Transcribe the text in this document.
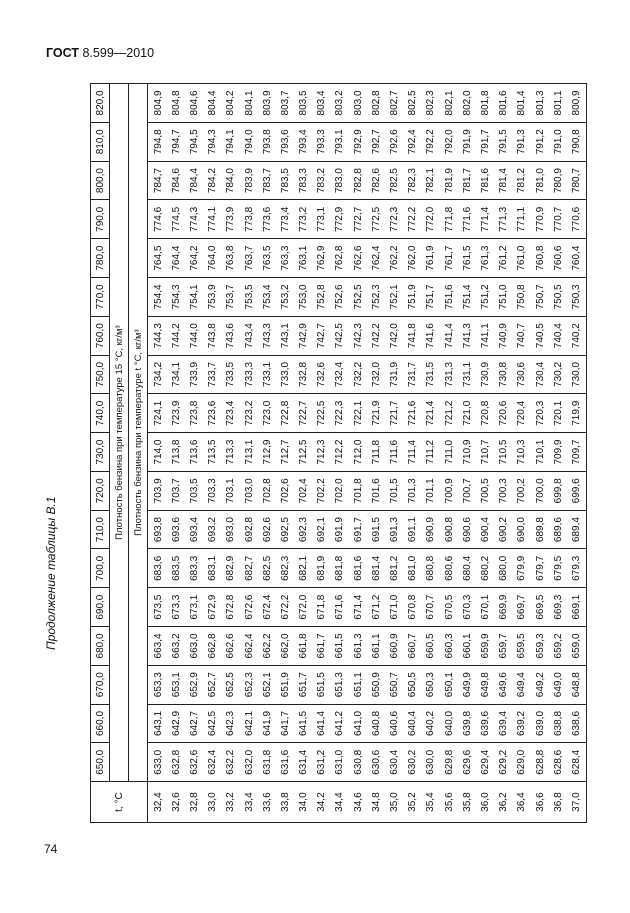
ГОСТ 8.599—2010
Продолжение таблицы В.1
t, °C	650,0	660,0	670,0	680,0	690,0	700,0	710,0	720,0	730,0	740,0	750,0	760,0	770,0	780,0	790,0	800,0	810,0	820,0
	Плотность бензина при температуре 15 °С, кг/м³																	
	Плотность бензина при температуре t °С, кг/м³																	
32,4	633,0	643,1	653,3	663,4	673,5	683,6	693,8	703,9	714,0	724,1	734,2	744,3	754,4	764,5	774,6	784,7	794,8	804,9
32,6	632,8	642,9	653,1	663,2	673,3	683,5	693,6	703,7	713,8	723,9	734,1	744,2	754,3	764,4	774,5	784,6	794,7	804,8
32,8	632,6	642,7	652,9	663,0	673,1	683,3	693,4	703,5	713,6	723,8	733,9	744,0	754,1	764,2	774,3	784,4	794,5	804,6
33,0	632,4	642,5	652,7	662,8	672,9	683,1	693,2	703,3	713,5	723,6	733,7	743,8	753,9	764,0	774,1	784,2	794,3	804,4
33,2	632,2	642,3	652,5	662,6	672,8	682,9	693,0	703,1	713,3	723,4	733,5	743,6	753,7	763,8	773,9	784,0	794,1	804,2
33,4	632,0	642,1	652,3	662,4	672,6	682,7	692,8	703,0	713,1	723,2	733,3	743,4	753,5	763,7	773,8	783,9	794,0	804,1
33,6	631,8	641,9	652,1	662,2	672,4	682,5	692,6	702,8	712,9	723,0	733,1	743,3	753,4	763,5	773,6	783,7	793,8	803,9
33,8	631,6	641,7	651,9	662,0	672,2	682,3	692,5	702,6	712,7	722,8	733,0	743,1	753,2	763,3	773,4	783,5	793,6	803,7
34,0	631,4	641,5	651,7	661,8	672,0	682,1	692,3	702,4	712,5	722,7	732,8	742,9	753,0	763,1	773,2	783,3	793,4	803,5
34,2	631,2	641,4	651,5	661,7	671,8	681,9	692,1	702,2	712,3	722,5	732,6	742,7	752,8	762,9	773,1	783,2	793,3	803,4
34,4	631,0	641,2	651,3	661,5	671,6	681,8	691,9	702,0	712,2	722,3	732,4	742,5	752,6	762,8	772,9	783,0	793,1	803,2
34,6	630,8	641,0	651,1	661,3	671,4	681,6	691,7	701,8	712,0	722,1	732,2	742,3	752,5	762,6	772,7	782,8	792,9	803,0
34,8	630,6	640,8	650,9	661,1	671,2	681,4	691,5	701,6	711,8	721,9	732,0	742,2	752,3	762,4	772,5	782,6	792,7	802,8
35,0	630,4	640,6	650,7	660,9	671,0	681,2	691,3	701,5	711,6	721,7	731,9	742,0	752,1	762,2	772,3	782,5	792,6	802,7
35,2	630,2	640,4	650,5	660,7	670,8	681,0	691,1	701,3	711,4	721,6	731,7	741,8	751,9	762,0	772,2	782,3	792,4	802,5
35,4	630,0	640,2	650,3	660,5	670,7	680,8	690,9	701,1	711,2	721,4	731,5	741,6	751,7	761,9	772,0	782,1	792,2	802,3
35,6	629,8	640,0	650,1	660,3	670,5	680,6	690,8	700,9	711,0	721,2	731,3	741,4	751,6	761,7	771,8	781,9	792,0	802,1
35,8	629,6	639,8	649,9	660,1	670,3	680,4	690,6	700,7	710,9	721,0	731,1	741,3	751,4	761,5	771,6	781,7	791,9	802,0
36,0	629,4	639,6	649,8	659,9	670,1	680,2	690,4	700,5	710,7	720,8	730,9	741,1	751,2	761,3	771,4	781,6	791,7	801,8
36,2	629,2	639,4	649,6	659,7	669,9	680,0	690,2	700,3	710,5	720,6	730,8	740,9	751,0	761,2	771,3	781,4	791,5	801,6
36,4	629,0	639,2	649,4	659,5	669,7	679,9	690,0	700,2	710,3	720,4	730,6	740,7	750,8	761,0	771,1	781,2	791,3	801,4
36,6	628,8	639,0	649,2	659,3	669,5	679,7	689,8	700,0	710,1	720,3	730,4	740,5	750,7	760,8	770,9	781,0	791,2	801,3
36,8	628,6	638,8	649,0	659,2	669,3	679,5	689,6	699,8	709,9	720,1	730,2	740,4	750,5	760,6	770,7	780,9	791,0	801,1
37,0	628,4	638,6	648,8	659,0	669,1	679,3	689,4	699,6	709,7	719,9	730,0	740,2	750,3	760,4	770,6	780,7	790,8	800,9
74
